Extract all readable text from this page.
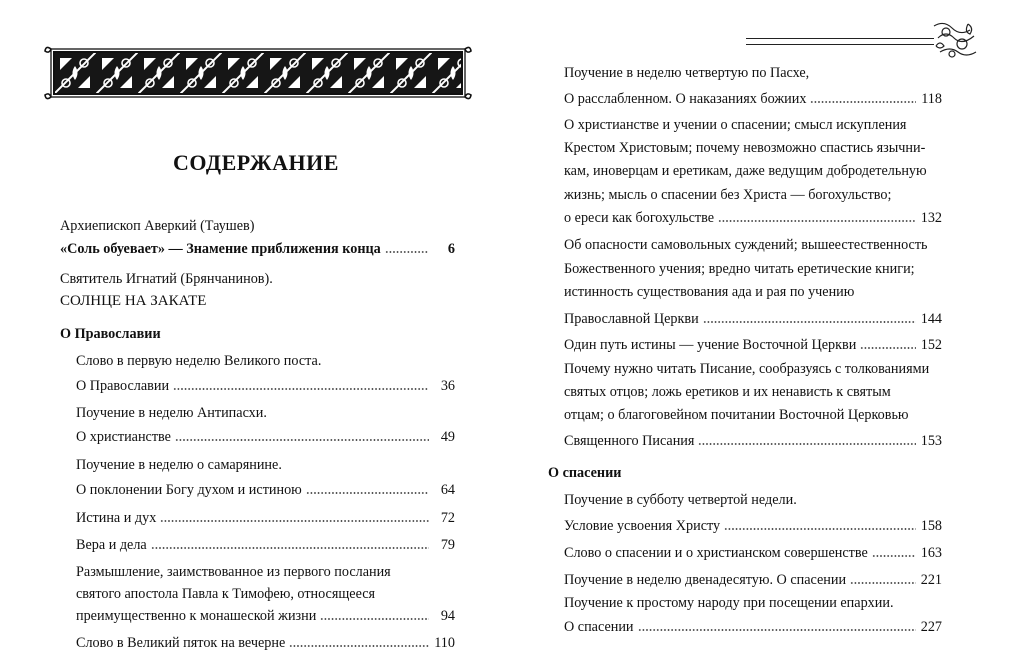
СОДЕРЖАНИЕ
Архиепископ Аверкий (Таушев)
«Соль обуевает» — Знамение приближения конца	6
Святитель Игнатий (Брянчанинов).
СОЛНЦЕ НА ЗАКАТЕ
О Православии
Слово в первую неделю Великого поста.
О Православии	36
Поучение в неделю Антипасхи.
О христианстве	49
Поучение в неделю о самарянине.
О поклонении Богу духом и истиною	64
Истина и дух	72
Вера и дела	79
Размышление, заимствованное из первого послания
святого апостола Павла к Тимофею, относящееся
преимущественно к монашеской жизни	94
Слово в Великий пяток на вечерне	110
Поучение в неделю четвертую по Пасхе,
О расслабленном. О наказаниях божиих	118
О христианстве и учении о спасении; смысл искупления
Крестом Христовым; почему невозможно спастись язычни-
кам, иноверцам и еретикам, даже ведущим добродетельную
жизнь; мысль о спасении без Христа — богохульство;
о ереси как богохульстве	132
Об опасности самовольных суждений; вышеестественность
Божественного учения; вредно читать еретические книги;
истинность существования ада и рая по учению
Православной Церкви	144
Один путь истины — учение Восточной Церкви	152
Почему нужно читать Писание, сообразуясь с толкованиями
святых отцов; ложь еретиков и их ненависть к святым
отцам; о благоговейном почитании Восточной Церковью
Священного Писания	153
О спасении
Поучение в субботу четвертой недели.
Условие усвоения Христу	158
Слово о спасении и о христианском совершенстве	163
Поучение в неделю двенадесятую. О спасении	221
Поучение к простому народу при посещении епархии.
О спасении	227
